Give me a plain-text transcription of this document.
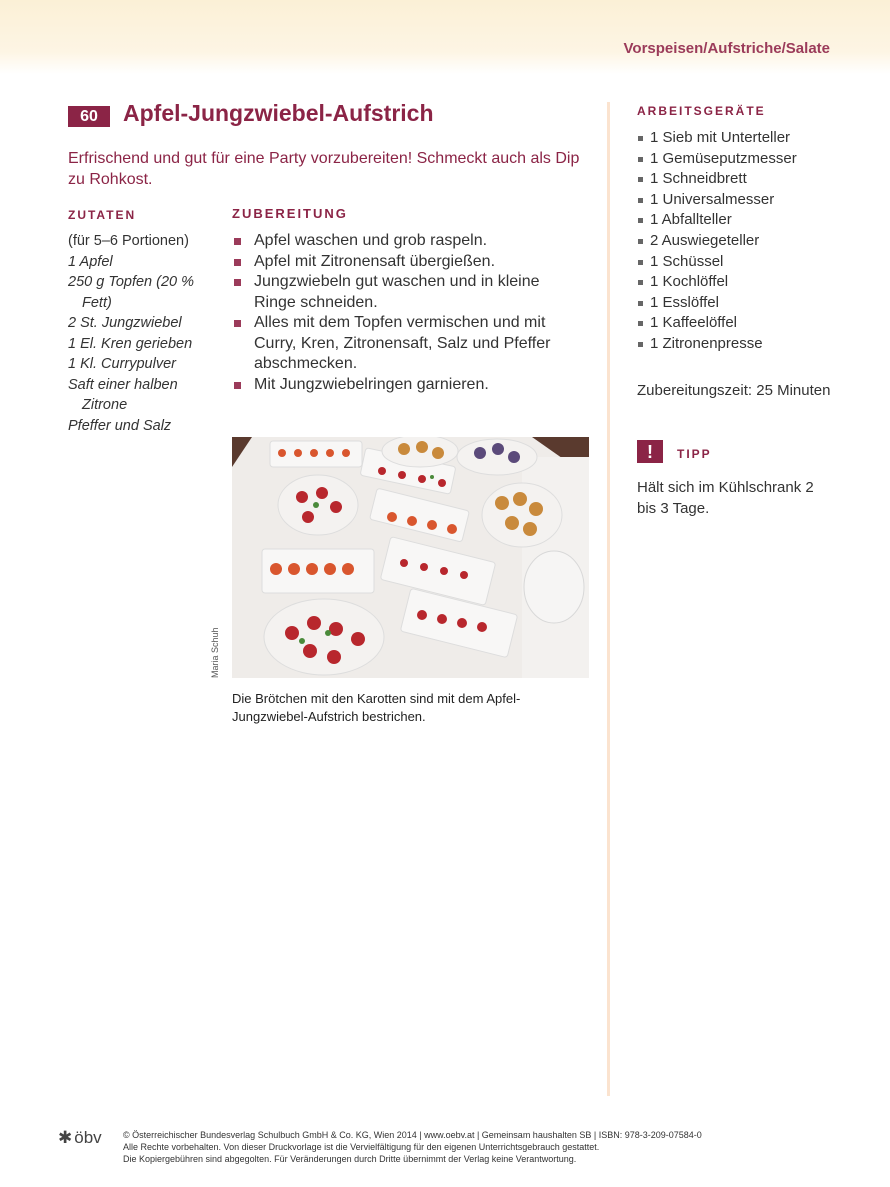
Vorspeisen/Aufstriche/Salate
60	Apfel-Jungzwiebel-Aufstrich
Erfrischend und gut für eine Party vorzubereiten! Schmeckt auch als Dip zu Rohkost.
ZUTATEN
(für 5–6 Portionen)
1 Apfel
250 g Topfen (20 %
Fett)
2 St. Jungzwiebel
1 El. Kren gerieben
1 Kl. Currypulver
Saft einer halben
Zitrone
Pfeffer und Salz
ZUBEREITUNG
Apfel waschen und grob raspeln.
Apfel mit Zitronensaft übergießen.
Jungzwiebeln gut waschen und in kleine Ringe schneiden.
Alles mit dem Topfen vermischen und mit Curry, Kren, Zitronensaft, Salz und Pfeffer abschmecken.
Mit Jungzwiebelringen garnieren.
Maria Schuh
Die Brötchen mit den Karotten sind mit dem Apfel-Jungzwiebel-Aufstrich bestrichen.
ARBEITSGERÄTE
1 Sieb mit Unterteller
1 Gemüseputzmesser
1 Schneidbrett
1 Universalmesser
1 Abfallteller
2 Auswiegeteller
1 Schüssel
1 Kochlöffel
1 Esslöffel
1 Kaffeelöffel
1 Zitronenpresse
Zubereitungszeit: 25 Minuten
!	TIPP
Hält sich im Kühlschrank 2 bis 3 Tage.
✱ öbv © Österreichischer Bundesverlag Schulbuch GmbH & Co. KG, Wien 2014 | www.oebv.at | Gemeinsam haushalten SB | ISBN: 978-3-209-07584-0
Alle Rechte vorbehalten. Von dieser Druckvorlage ist die Vervielfältigung für den eigenen Unterrichtsgebrauch gestattet.
Die Kopiergebühren sind abgegolten. Für Veränderungen durch Dritte übernimmt der Verlag keine Verantwortung.
